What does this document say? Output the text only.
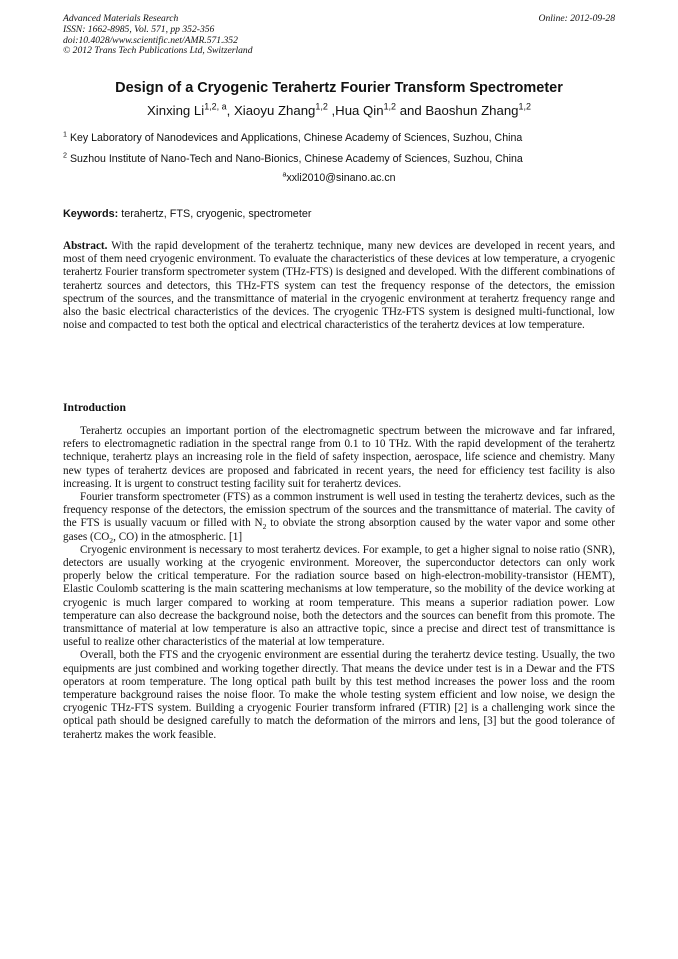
Advanced Materials Research
ISSN: 1662-8985, Vol. 571, pp 352-356
doi:10.4028/www.scientific.net/AMR.571.352
© 2012 Trans Tech Publications Ltd, Switzerland
Online: 2012-09-28
Design of a Cryogenic Terahertz Fourier Transform Spectrometer
Xinxing Li$^{1,2, a}$, Xiaoyu Zhang$^{1,2}$ ,Hua Qin$^{1,2}$ and Baoshun Zhang$^{1,2}$
$^1$ Key Laboratory of Nanodevices and Applications, Chinese Academy of Sciences, Suzhou, China
$^2$ Suzhou Institute of Nano-Tech and Nano-Bionics, Chinese Academy of Sciences, Suzhou, China
$^a$xxli2010@sinano.ac.cn
Keywords: terahertz, FTS, cryogenic, spectrometer
Abstract. With the rapid development of the terahertz technique, many new devices are developed in recent years, and most of them need cryogenic environment. To evaluate the characteristics of these devices at low temperature, a cryogenic terahertz Fourier transform spectrometer system (THz-FTS) is designed and developed. With the different combinations of terahertz sources and detectors, this THz-FTS system can test the frequency response of the detectors, the emission spectrum of the sources, and the transmittance of material in the cryogenic environment at terahertz frequency range and also the basic electrical characteristics of the devices. The cryogenic THz-FTS system is designed multi-functional, low noise and compacted to test both the optical and electrical characteristics of the terahertz devices at low temperature.
Introduction

Terahertz occupies an important portion of the electromagnetic spectrum between the microwave and far infrared, refers to electromagnetic radiation in the spectral range from 0.1 to 10 THz. With the rapid development of the terahertz technique, terahertz plays an increasing role in the field of safety inspection, aerospace, life science and chemistry. Many new types of terahertz devices are proposed and fabricated in recent years, the need for efficiency test facility is also increasing. It is urgent to construct testing facility suit for terahertz devices.

Fourier transform spectrometer (FTS) as a common instrument is well used in testing the terahertz devices, such as the frequency response of the detectors, the emission spectrum of the sources and the transmittance of material. The cavity of the FTS is usually vacuum or filled with $N_2$ to obviate the strong absorption caused by the water vapor and some other gases ($CO_2$, CO) in the atmospheric. [1]

Cryogenic environment is necessary to most terahertz devices. For example, to get a higher signal to noise ratio (SNR), detectors are usually working at the cryogenic environment. Moreover, the superconductor detectors can only work properly below the critical temperature. For the radiation source based on high-electron-mobility-transistor (HEMT), Elastic Coulomb scattering is the main scattering mechanisms at low temperature, so the mobility of the device working at cryogenic is much larger compared to working at room temperature. This means a superior radiation power. Low temperature can also decrease the background noise, both the detectors and the sources can benefit from this promote. The transmittance of material at low temperature is also an attractive topic, since a precise and direct test of transmittance is useful to realize other characteristics of the material at low temperature.

Overall, both the FTS and the cryogenic environment are essential during the terahertz device testing. Usually, the two equipments are just combined and working together directly. That means the device under test is in a Dewar and the FTS operators at room temperature. The long optical path built by this test method increases the power loss and the room temperature background raises the noise floor. To make the whole testing system efficient and low noise, we design the cryogenic THz-FTS system. Building a cryogenic Fourier transform infrared (FTIR) [2] is a challenging work since the optical path should be designed carefully to match the deformation of the mirrors and lens, [3] but the good tolerance of terahertz makes the work feasible.
